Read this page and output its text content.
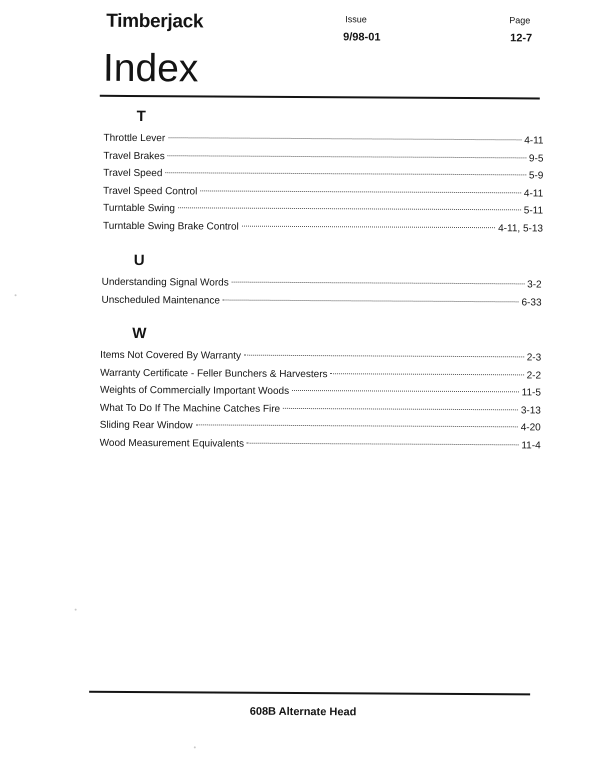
Timberjack	Issue
9/98-01
Page
12-7
Index
T
Throttle Lever	4-11
Travel Brakes	9-5
Travel Speed	5-9
Travel Speed Control	4-11
Turntable Swing	5-11
Turntable Swing Brake Control	4-11, 5-13
U
Understanding Signal Words	3-2
Unscheduled Maintenance	6-33
W
Items Not Covered By Warranty	2-3
Warranty Certificate - Feller Bunchers & Harvesters	2-2
Weights of Commercially Important Woods	11-5
What To Do If The Machine Catches Fire	3-13
Sliding Rear Window	4-20
Wood Measurement Equivalents	11-4
608B Alternate Head
